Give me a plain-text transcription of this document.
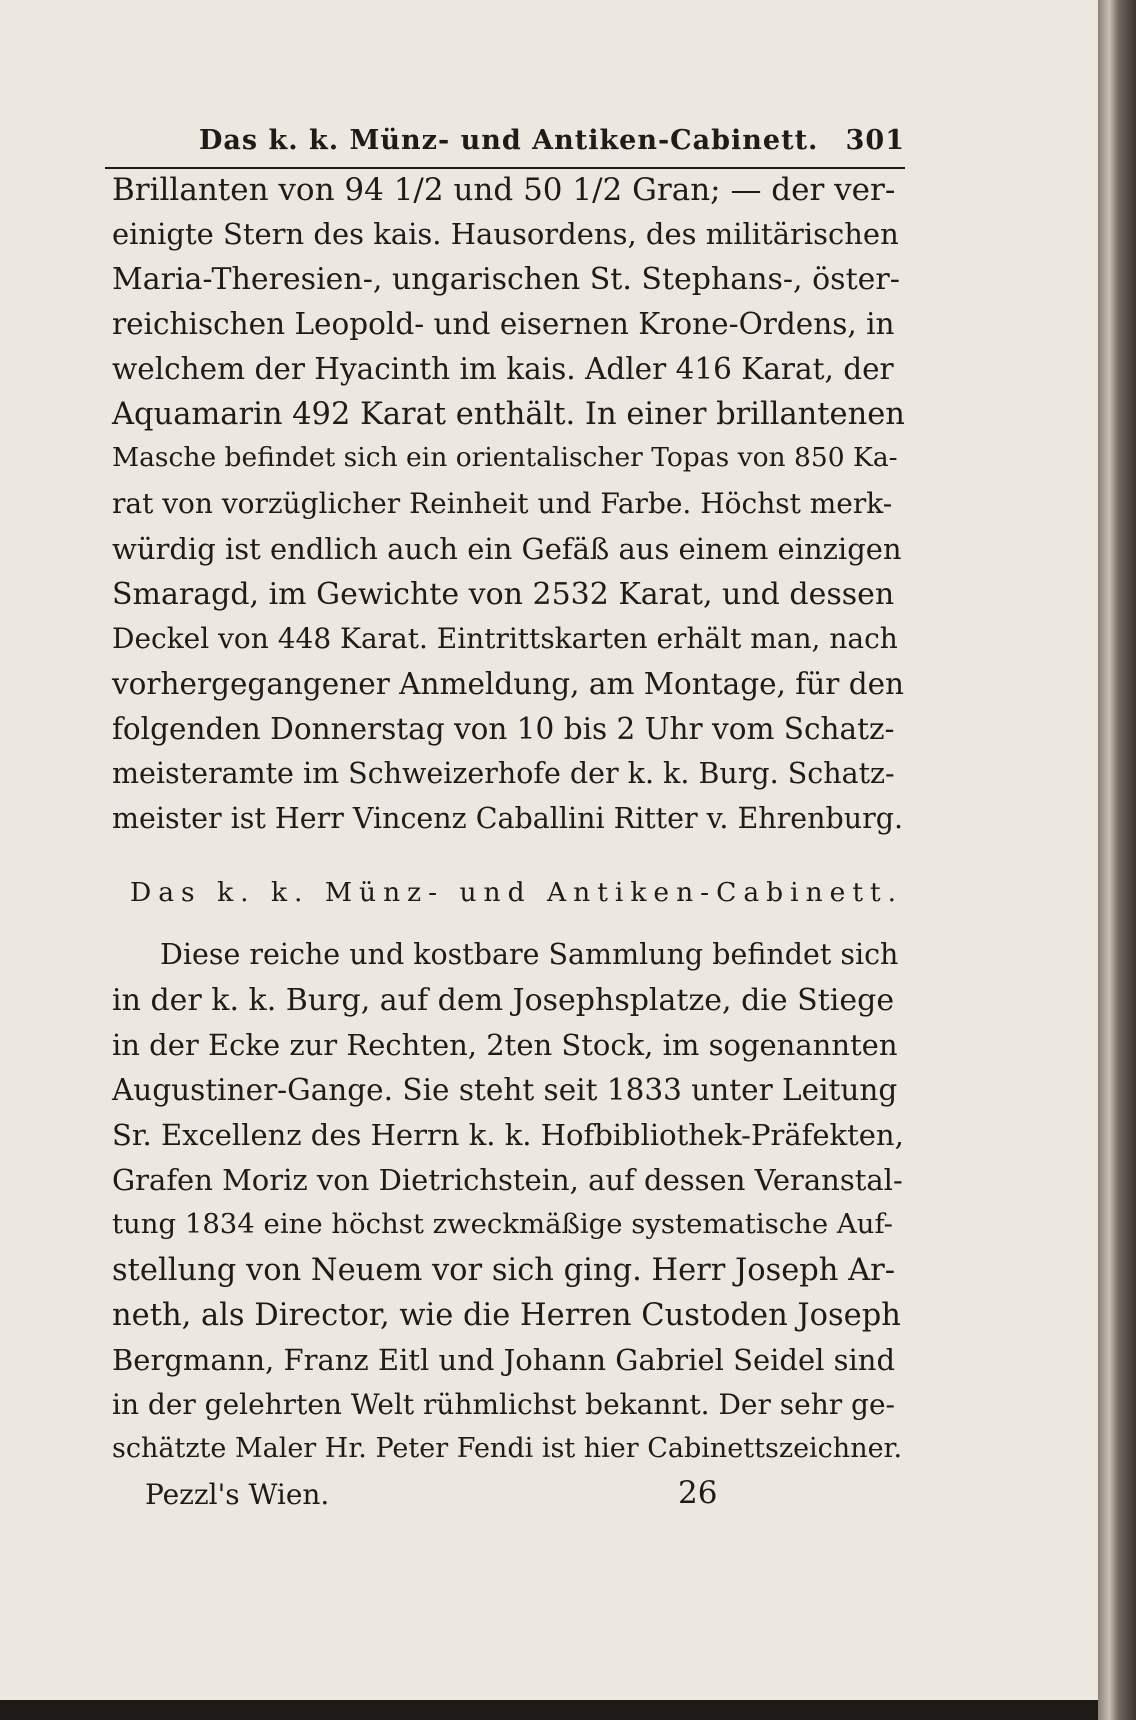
Das k. k. Münz- und Antiken-Cabinett. 301
Brillanten von 94 1/2 und 50 1/2 Gran; — der ver-
einigte Stern des kais. Hausordens, des militärischen
Maria-Theresien-, ungarischen St. Stephans-, öster-
reichischen Leopold- und eisernen Krone-Ordens, in
welchem der Hyacinth im kais. Adler 416 Karat, der
Aquamarin 492 Karat enthält. In einer brillantenen
Masche befindet sich ein orientalischer Topas von 850 Ka-
rat von vorzüglicher Reinheit und Farbe. Höchst merk-
würdig ist endlich auch ein Gefäß aus einem einzigen
Smaragd, im Gewichte von 2532 Karat, und dessen
Deckel von 448 Karat. Eintrittskarten erhält man, nach
vorhergegangener Anmeldung, am Montage, für den
folgenden Donnerstag von 10 bis 2 Uhr vom Schatz-
meisteramte im Schweizerhofe der k. k. Burg. Schatz-
meister ist Herr Vincenz Caballini Ritter v. Ehrenburg.
Das k. k. Münz- und Antiken-Cabinett.
Diese reiche und kostbare Sammlung befindet sich
in der k. k. Burg, auf dem Josephsplatze, die Stiege
in der Ecke zur Rechten, 2ten Stock, im sogenannten
Augustiner-Gange. Sie steht seit 1833 unter Leitung
Sr. Excellenz des Herrn k. k. Hofbibliothek-Präfekten,
Grafen Moriz von Dietrichstein, auf dessen Veranstal-
tung 1834 eine höchst zweckmäßige systematische Auf-
stellung von Neuem vor sich ging. Herr Joseph Ar-
neth, als Director, wie die Herren Custoden Joseph
Bergmann, Franz Eitl und Johann Gabriel Seidel sind
in der gelehrten Welt rühmlichst bekannt. Der sehr ge-
schätzte Maler Hr. Peter Fendi ist hier Cabinettszeichner.
Pezzl's Wien.	26
